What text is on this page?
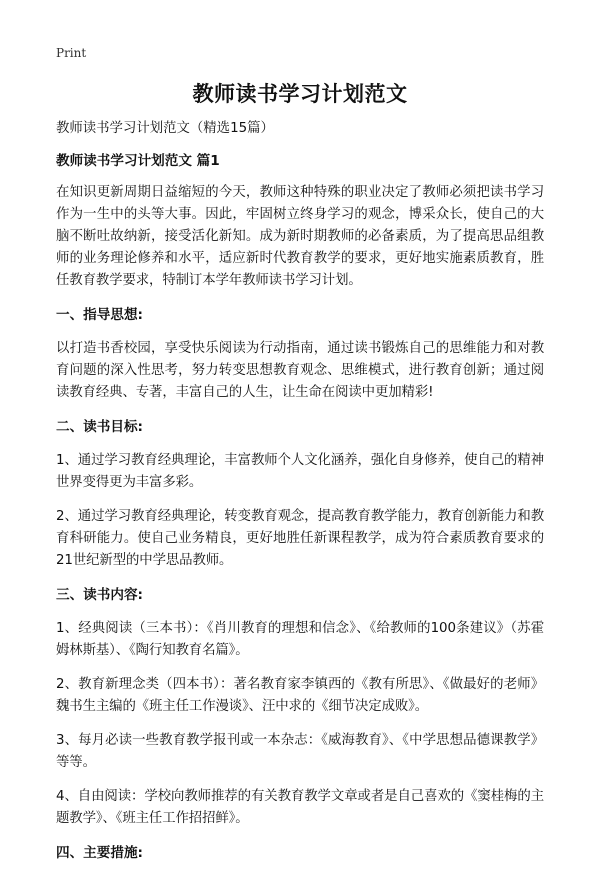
Print
教师读书学习计划范文
教师读书学习计划范文（精选15篇）
教师读书学习计划范文 篇1

在知识更新周期日益缩短的今天，教师这种特殊的职业决定了教师必须把读书学习作为一生中的头等大事。因此，牢固树立终身学习的观念，博采众长，使自己的大脑不断吐故纳新，接受活化新知。成为新时期教师的必备素质，为了提高思品组教师的业务理论修养和水平，适应新时代教育教学的要求，更好地实施素质教育，胜任教育教学要求，特制订本学年教师读书学习计划。

一、指导思想:

以打造书香校园，享受快乐阅读为行动指南，通过读书锻炼自己的思维能力和对教育问题的深入性思考，努力转变思想教育观念、思维模式，进行教育创新；通过阅读教育经典、专著，丰富自己的人生，让生命在阅读中更加精彩!

二、读书目标:

1、通过学习教育经典理论，丰富教师个人文化涵养，强化自身修养，使自己的精神世界变得更为丰富多彩。

2、通过学习教育经典理论，转变教育观念，提高教育教学能力，教育创新能力和教育科研能力。使自己业务精良，更好地胜任新课程教学，成为符合素质教育要求的21世纪新型的中学思品教师。

三、读书内容:

1、经典阅读（三本书）：《肖川教育的理想和信念》、《给教师的100条建议》（苏霍姆林斯基）、《陶行知教育名篇》。

2、教育新理念类（四本书）：著名教育家李镇西的《教有所思》、《做最好的老师》魏书生主编的《班主任工作漫谈》、汪中求的《细节决定成败》。

3、每月必读一些教育教学报刊或一本杂志：《威海教育》、《中学思想品德课教学》等等。

4、自由阅读：学校向教师推荐的有关教育教学文章或者是自己喜欢的《窦桂梅的主题教学》、《班主任工作招招鲜》。

四、主要措施:
